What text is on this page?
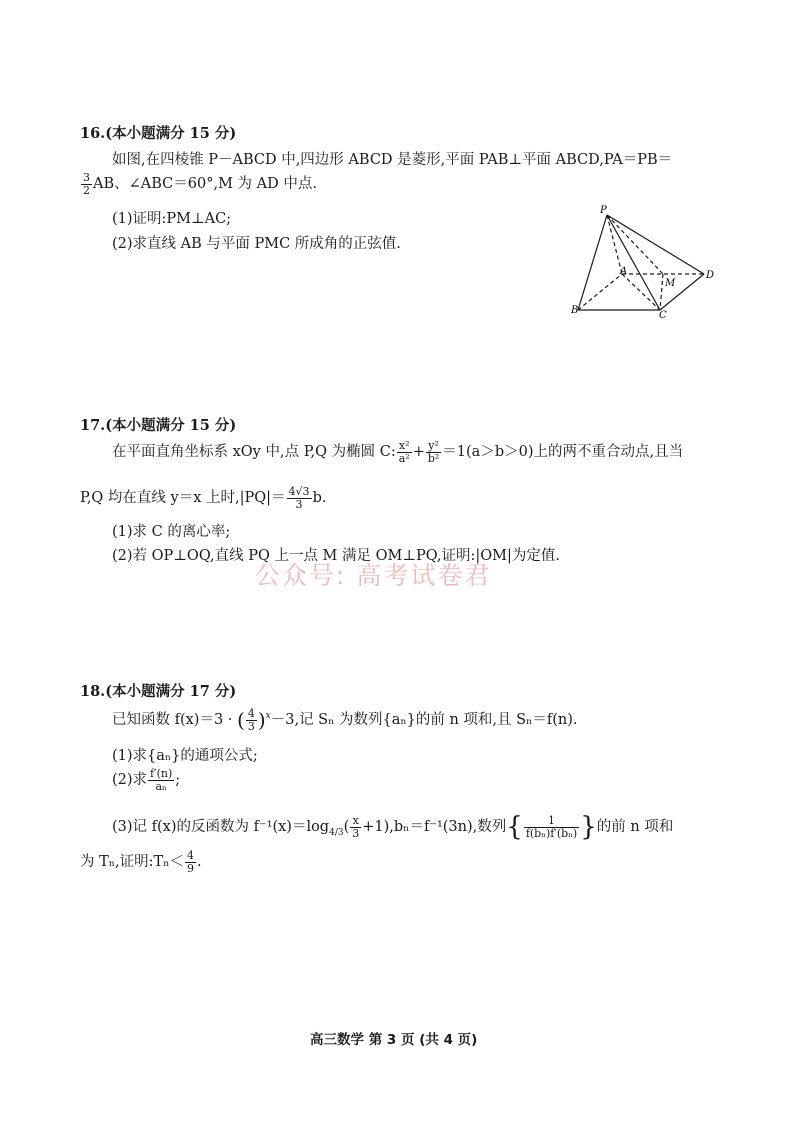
16.(本小题满分 15 分)
如图,在四棱锥 P－ABCD 中,四边形 ABCD 是菱形,平面 PAB⊥平面 ABCD,PA＝PB＝
$\frac{3}{2}$ AB、∠ABC＝60°,M 为 AD 中点.
(1)证明:PM⊥AC;
(2)求直线 AB 与平面 PMC 所成角的正弦值.
P
A
B	C
D
M
17.(本小题满分 15 分)
在平面直角坐标系 xOy 中,点 P,Q 为椭圆 C: $\frac{\text{x²}}{\text{a²}} + \frac{\text{y²}}{\text{b²}} =1(a>b>0)$上的两不重合动点,且当
P,Q 均在直线 y＝x 上时$,|PQ|= \frac{4√3}{3} b$.
(1)求 C 的离心率;
(2)若 OP⊥OQ,直线 PQ 上一点 M 满足 OM⊥PQ,证明:|OM|为定值.
公众号: 高考试卷君
18.(本小题满分 17 分)
已知函数 f(x)＝3 · ( $\frac{4}{3} )^x-3$,记 Sₙ 为数列{aₙ}的前 n 项和,且 Sₙ＝f(n).
(1)求{aₙ}的通项公式;
(2)求 $\frac{f'(n)}{\text{aₙ}}$ ;
(3)记 f(x)的反函数为 $f^{-1}(x)=\log_{4/3}( \frac{x}{3} +1),b_n=f^{-1}(3n)$,数列{ $\frac{1}{\text{f(bₙ)f′(bₙ)}}$ }的前 n 项和
为 Tₙ,证明:Tₙ＜ $\frac{4}{9}$ .
高三数学 第 3 页 (共 4 页)
